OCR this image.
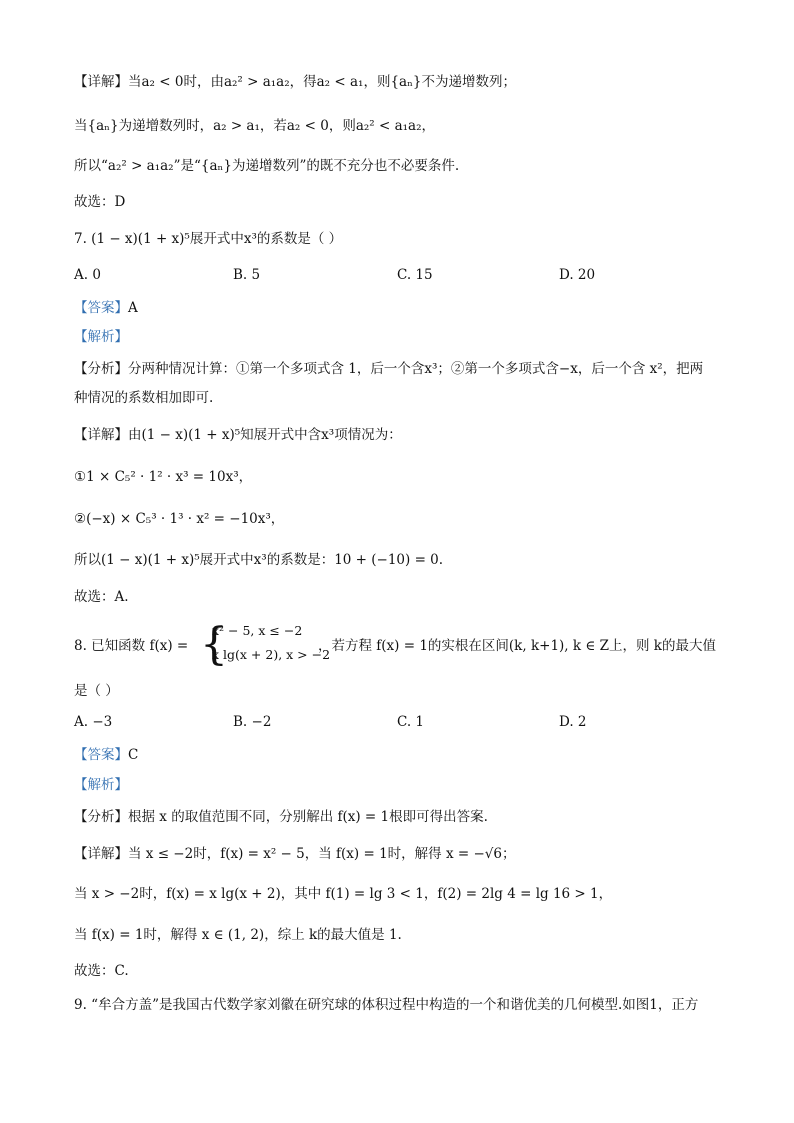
【详解】当a₂ < 0时，由a₂² > a₁a₂，得a₂ < a₁，则{aₙ}不为递增数列；
当{aₙ}为递增数列时，a₂ > a₁，若a₂ < 0，则a₂² < a₁a₂，
所以“a₂² > a₁a₂”是“{aₙ}为递增数列”的既不充分也不必要条件.
故选：D
7. (1 − x)(1 + x)⁵展开式中x³的系数是（ ）
A. 0	B. 5	C. 15	D. 20
【答案】A
【解析】
【分析】分两种情况计算：①第一个多项式含 1，后一个含x³；②第一个多项式含−x，后一个含 x²，把两
种情况的系数相加即可.
【详解】由(1 − x)(1 + x)⁵知展开式中含x³项情况为：
①1 × C₅² · 1² · x³ = 10x³，
②(−x) × C₅³ · 1³ · x² = −10x³，
所以(1 − x)(1 + x)⁵展开式中x³的系数是：10 + (−10) = 0.
故选：A.
8. 已知函数 f(x) = {
x² − 5, x ≤ −2
x lg(x + 2), x > −2
，若方程 f(x) = 1的实根在区间(k, k+1), k ∈ Z上，则 k的最大值
是（ ）
A. −3	B. −2	C. 1	D. 2
【答案】C
【解析】
【分析】根据 x 的取值范围不同，分别解出 f(x) = 1根即可得出答案.
【详解】当 x ≤ −2时，f(x) = x² − 5，当 f(x) = 1时，解得 x = −√6；
当 x > −2时，f(x) = x lg(x + 2)，其中 f(1) = lg 3 < 1，f(2) = 2lg 4 = lg 16 > 1，
当 f(x) = 1时，解得 x ∈ (1, 2)，综上 k的最大值是 1.
故选：C.
9. “牟合方盖”是我国古代数学家刘徽在研究球的体积过程中构造的一个和谐优美的几何模型.如图1，正方
